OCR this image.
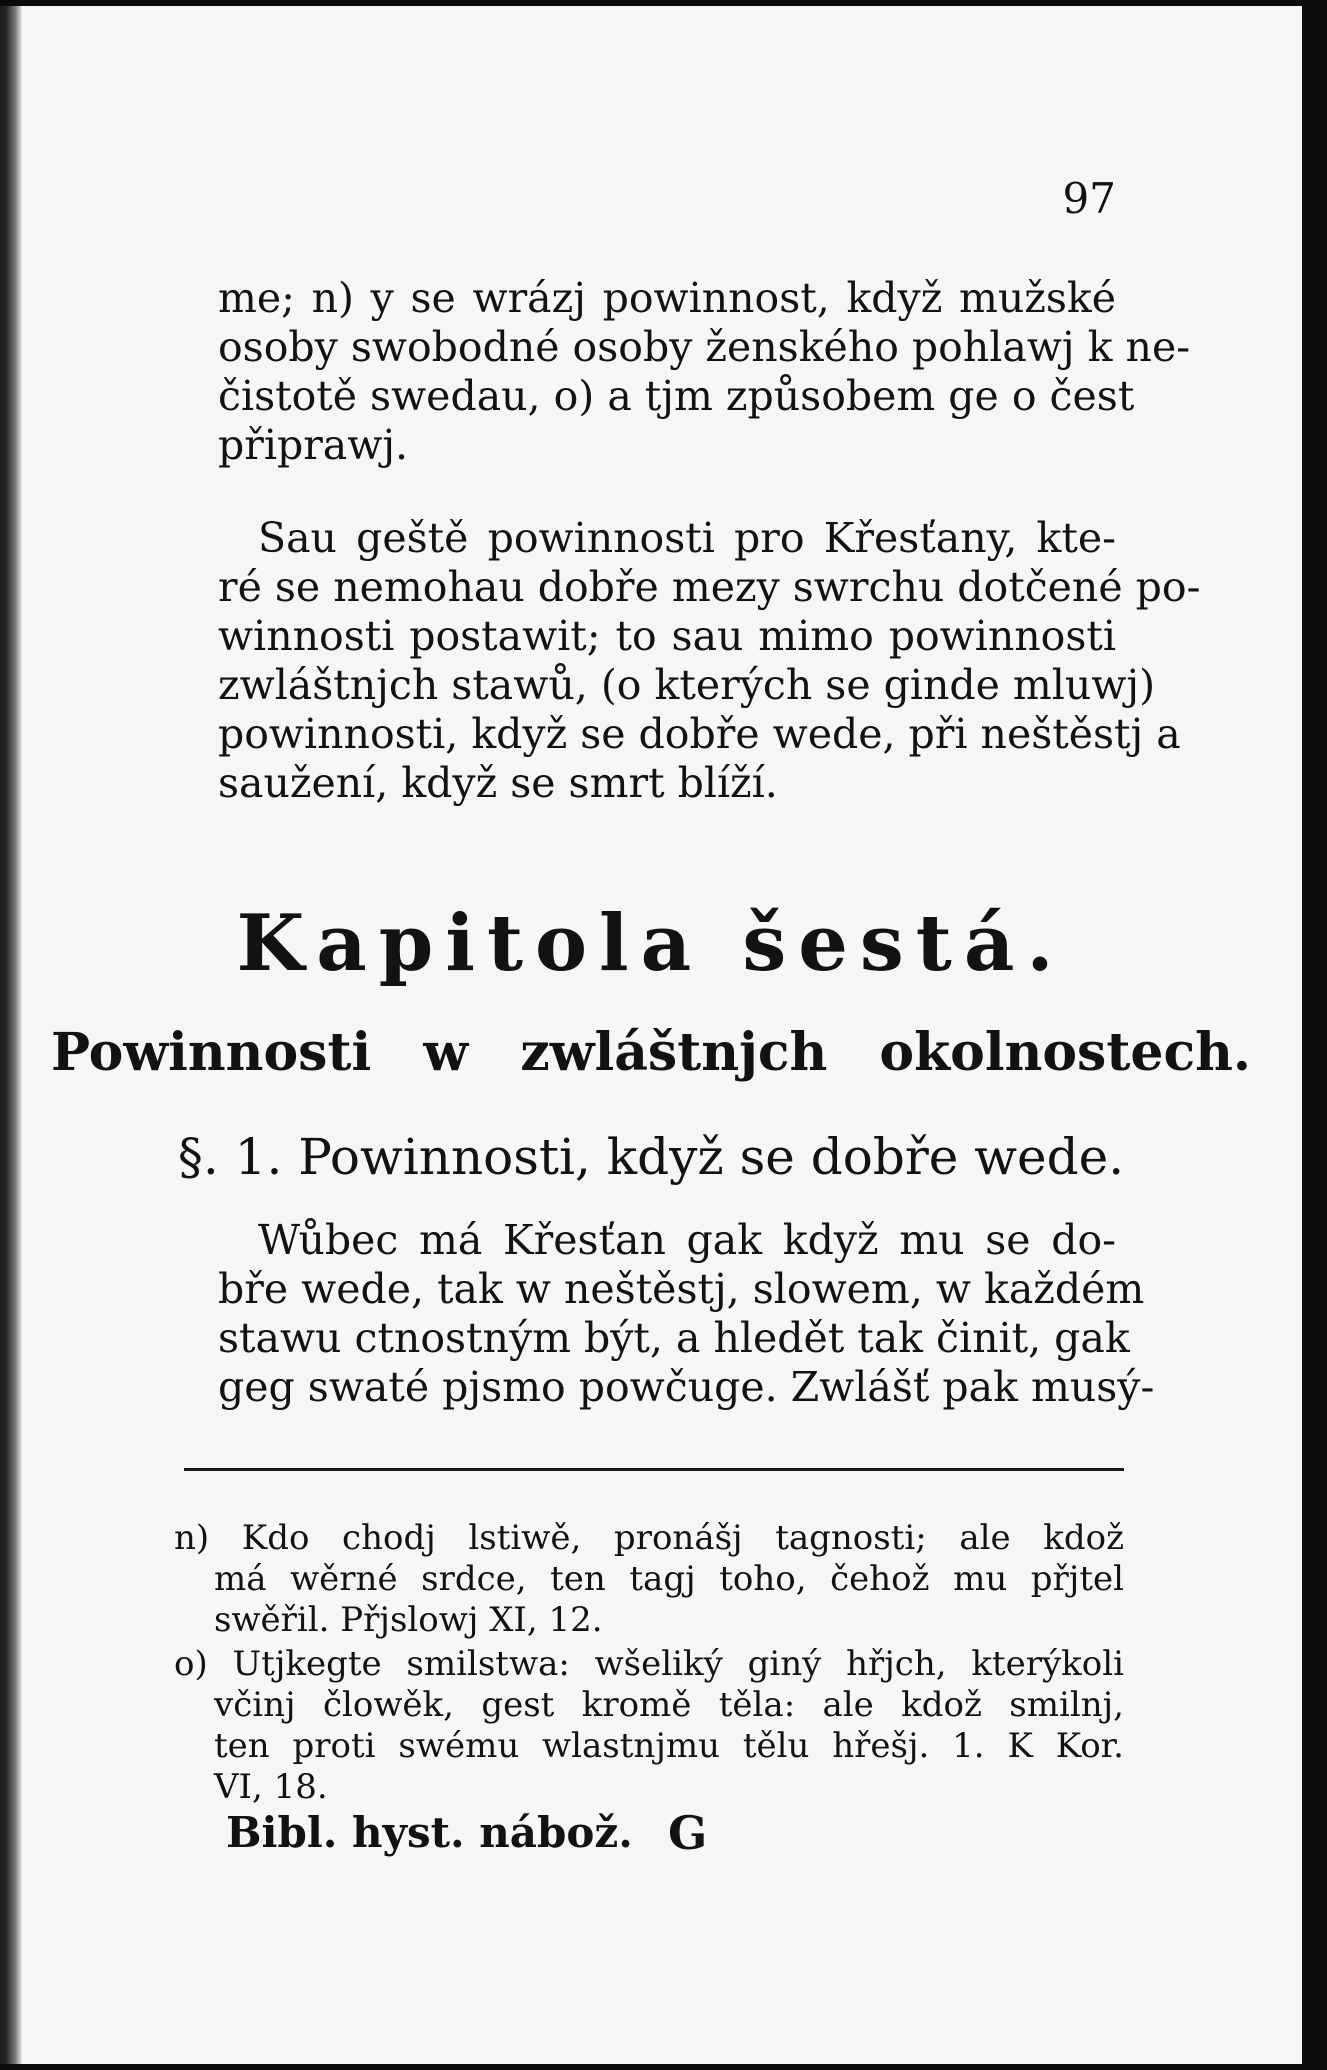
97
me; n) y se wrázj powinnost, když mužské
osoby swobodné osoby ženského pohlawj k ne-
čistotě swedau, o) a tjm způsobem ge o čest
připrawj.
Sau geště powinnosti pro Křesťany, kte-
ré se nemohau dobře mezy swrchu dotčené po-
winnosti postawit; to sau mimo powinnosti
zwláštnjch stawů, (o kterých se ginde mluwj)
powinnosti, když se dobře wede, při neštěstj a
saužení, když se smrt blíží.
Kapitola šestá.
Powinnosti w zwláštnjch okolnostech.
§. 1. Powinnosti, když se dobře wede.
Wůbec má Křesťan gak když mu se do-
bře wede, tak w neštěstj, slowem, w každém
stawu ctnostným být, a hledět tak činit, gak
geg swaté pjsmo powčuge. Zwlášť pak musý-
n) Kdo chodj lstiwě, pronášj tagnosti; ale kdož
má wěrné srdce, ten tagj toho, čehož mu přjtel
swěřil. Přjslowj XI, 12.
o) Utjkegte smilstwa: wšeliký giný hřjch, kterýkoli
včinj člowěk, gest kromě těla: ale kdož smilnj,
ten proti swému wlastnjmu tělu hřešj. 1. K Kor.
VI, 18.
Bibl. hyst. nábož. G
